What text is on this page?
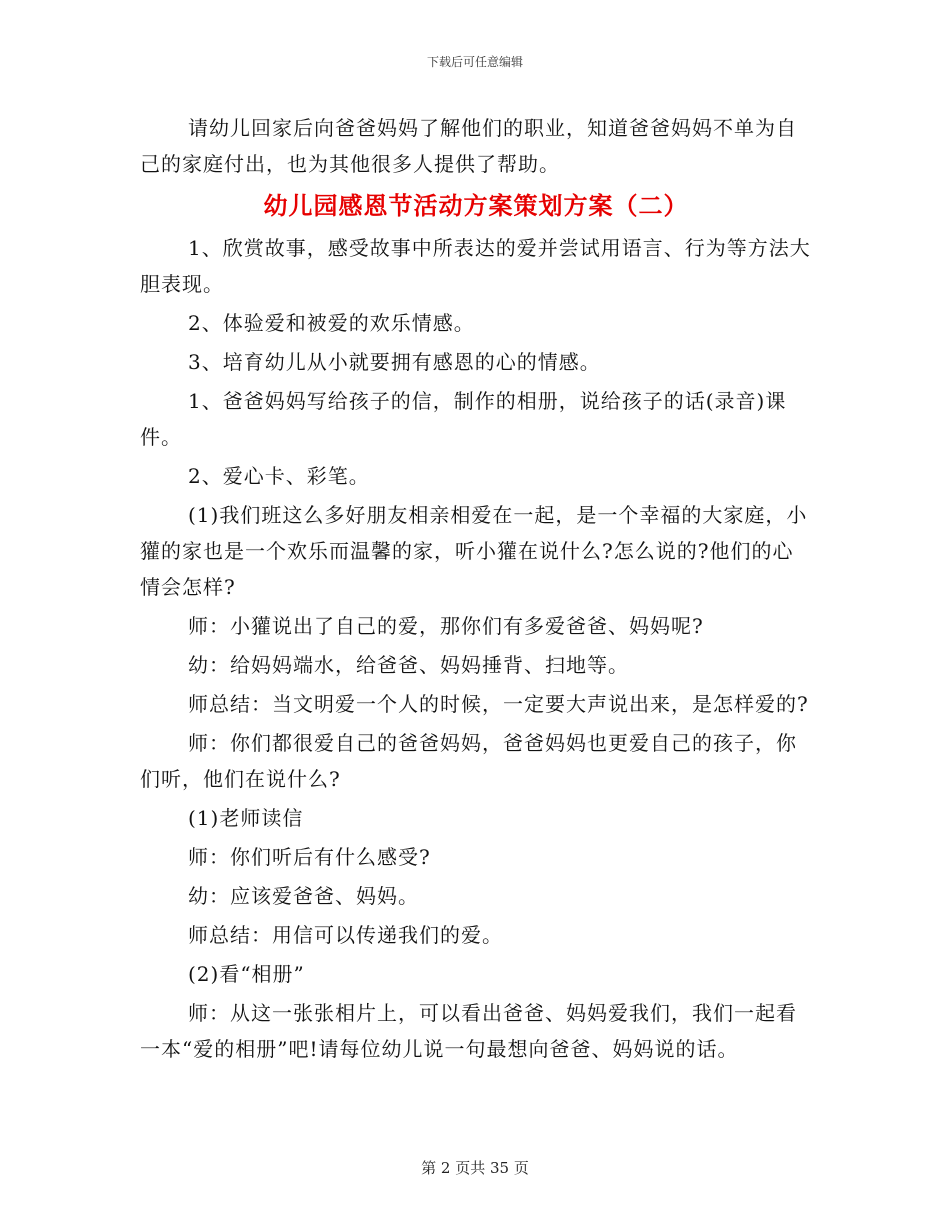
下载后可任意编辑

请幼儿回家后向爸爸妈妈了解他们的职业，知道爸爸妈妈不单为自己的家庭付出，也为其他很多人提供了帮助。

幼儿园感恩节活动方案策划方案（二）

1、欣赏故事，感受故事中所表达的爱并尝试用语言、行为等方法大胆表现。

2、体验爱和被爱的欢乐情感。

3、培育幼儿从小就要拥有感恩的心的情感。

1、爸爸妈妈写给孩子的信，制作的相册，说给孩子的话(录音)课件。

2、爱心卡、彩笔。

(1)我们班这么多好朋友相亲相爱在一起，是一个幸福的大家庭，小獾的家也是一个欢乐而温馨的家，听小獾在说什么?怎么说的?他们的心情会怎样?

师：小獾说出了自己的爱，那你们有多爱爸爸、妈妈呢?

幼：给妈妈端水，给爸爸、妈妈捶背、扫地等。

师总结：当文明爱一个人的时候，一定要大声说出来，是怎样爱的?

师：你们都很爱自己的爸爸妈妈，爸爸妈妈也更爱自己的孩子，你们听，他们在说什么?

(1)老师读信

师：你们听后有什么感受?

幼：应该爱爸爸、妈妈。

师总结：用信可以传递我们的爱。

(2)看“相册”

师：从这一张张相片上，可以看出爸爸、妈妈爱我们，我们一起看一本“爱的相册”吧!请每位幼儿说一句最想向爸爸、妈妈说的话。

第 2 页共 35 页
